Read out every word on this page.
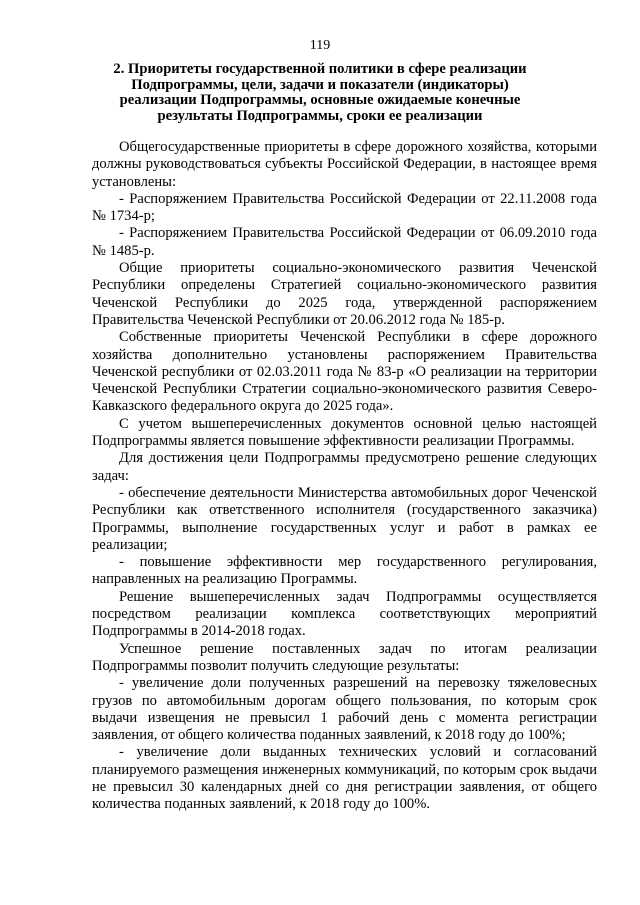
119
2. Приоритеты государственной политики в сфере реализации Подпрограммы, цели, задачи и показатели (индикаторы) реализации Подпрограммы, основные ожидаемые конечные результаты Подпрограммы, сроки ее реализации

Общегосударственные приоритеты в сфере дорожного хозяйства, которыми должны руководствоваться субъекты Российской Федерации, в настоящее время установлены:

- Распоряжением Правительства Российской Федерации от 22.11.2008 года № 1734-р;

- Распоряжением Правительства Российской Федерации от 06.09.2010 года № 1485-р.

Общие приоритеты социально-экономического развития Чеченской Республики определены Стратегией социально-экономического развития Чеченской Республики до 2025 года, утвержденной распоряжением Правительства Чеченской Республики от 20.06.2012 года № 185-р.

Собственные приоритеты Чеченской Республики в сфере дорожного хозяйства дополнительно установлены распоряжением Правительства Чеченской республики от 02.03.2011 года № 83-р «О реализации на территории Чеченской Республики Стратегии социально-экономического развития Северо-Кавказского федерального округа до 2025 года».

С учетом вышеперечисленных документов основной целью настоящей Подпрограммы является повышение эффективности реализации Программы.

Для достижения цели Подпрограммы предусмотрено решение следующих задач:

- обеспечение деятельности Министерства автомобильных дорог Чеченской Республики как ответственного исполнителя (государственного заказчика) Программы, выполнение государственных услуг и работ в рамках ее реализации;

- повышение эффективности мер государственного регулирования, направленных на реализацию Программы.

Решение вышеперечисленных задач Подпрограммы осуществляется посредством реализации комплекса соответствующих мероприятий Подпрограммы в 2014-2018 годах.

Успешное решение поставленных задач по итогам реализации Подпрограммы позволит получить следующие результаты:

- увеличение доли полученных разрешений на перевозку тяжеловесных грузов по автомобильным дорогам общего пользования, по которым срок выдачи извещения не превысил 1 рабочий день с момента регистрации заявления, от общего количества поданных заявлений, к 2018 году до 100%;

- увеличение доли выданных технических условий и согласований планируемого размещения инженерных коммуникаций, по которым срок выдачи не превысил 30 календарных дней со дня регистрации заявления, от общего количества поданных заявлений, к 2018 году до 100%.
